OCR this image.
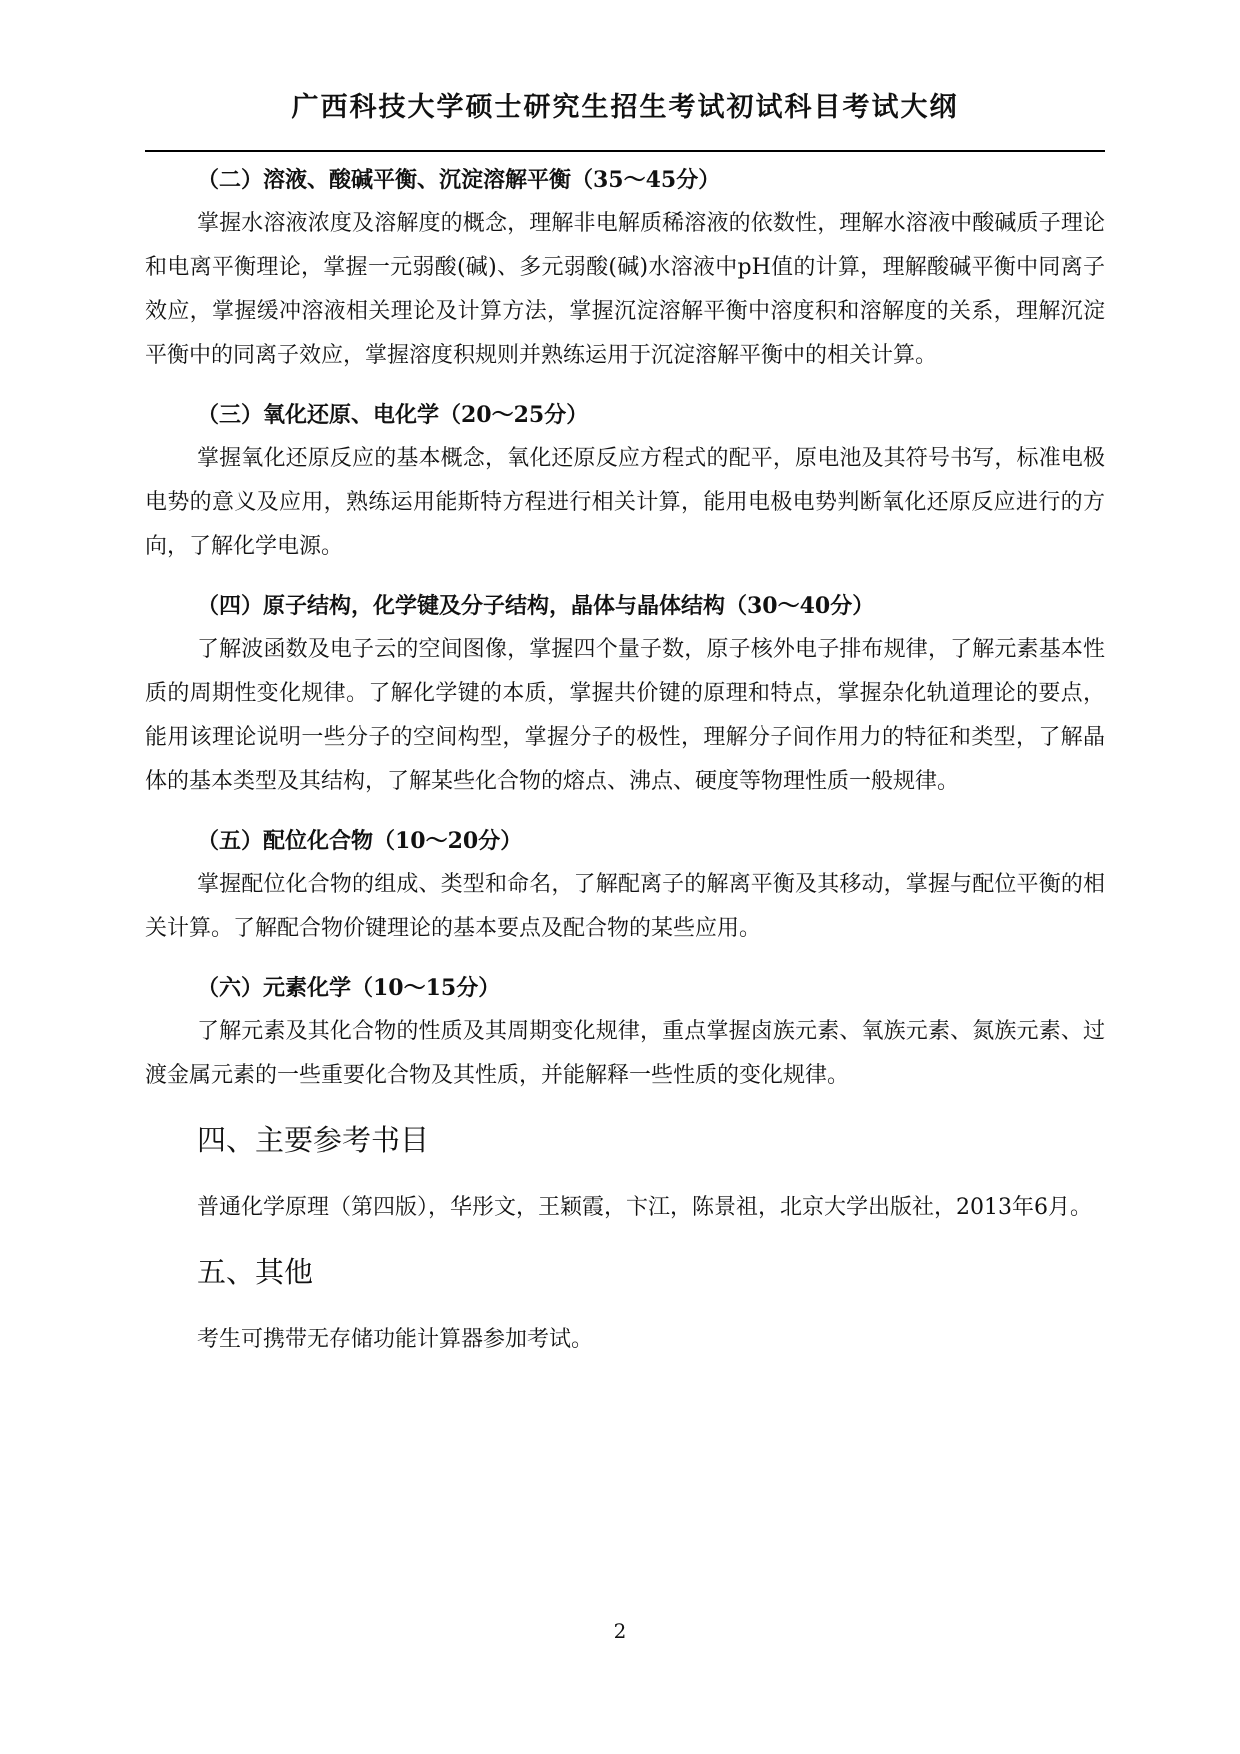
广西科技大学硕士研究生招生考试初试科目考试大纲
（二）溶液、酸碱平衡、沉淀溶解平衡（35～45分）

掌握水溶液浓度及溶解度的概念，理解非电解质稀溶液的依数性，理解水溶液中酸碱质子理论和电离平衡理论，掌握一元弱酸(碱)、多元弱酸(碱)水溶液中pH值的计算，理解酸碱平衡中同离子效应，掌握缓冲溶液相关理论及计算方法，掌握沉淀溶解平衡中溶度积和溶解度的关系，理解沉淀平衡中的同离子效应，掌握溶度积规则并熟练运用于沉淀溶解平衡中的相关计算。

（三）氧化还原、电化学（20～25分）

掌握氧化还原反应的基本概念，氧化还原反应方程式的配平，原电池及其符号书写，标准电极电势的意义及应用，熟练运用能斯特方程进行相关计算，能用电极电势判断氧化还原反应进行的方向，了解化学电源。

（四）原子结构，化学键及分子结构，晶体与晶体结构（30～40分）

了解波函数及电子云的空间图像，掌握四个量子数，原子核外电子排布规律，了解元素基本性质的周期性变化规律。了解化学键的本质，掌握共价键的原理和特点，掌握杂化轨道理论的要点，能用该理论说明一些分子的空间构型，掌握分子的极性，理解分子间作用力的特征和类型，了解晶体的基本类型及其结构，了解某些化合物的熔点、沸点、硬度等物理性质一般规律。

（五）配位化合物（10～20分）

掌握配位化合物的组成、类型和命名，了解配离子的解离平衡及其移动，掌握与配位平衡的相关计算。了解配合物价键理论的基本要点及配合物的某些应用。

（六）元素化学（10～15分）

了解元素及其化合物的性质及其周期变化规律，重点掌握卤族元素、氧族元素、氮族元素、过渡金属元素的一些重要化合物及其性质，并能解释一些性质的变化规律。

四、主要参考书目

普通化学原理（第四版），华彤文，王颖霞，卞江，陈景祖，北京大学出版社，2013年6月。

五、其他

考生可携带无存储功能计算器参加考试。

2
